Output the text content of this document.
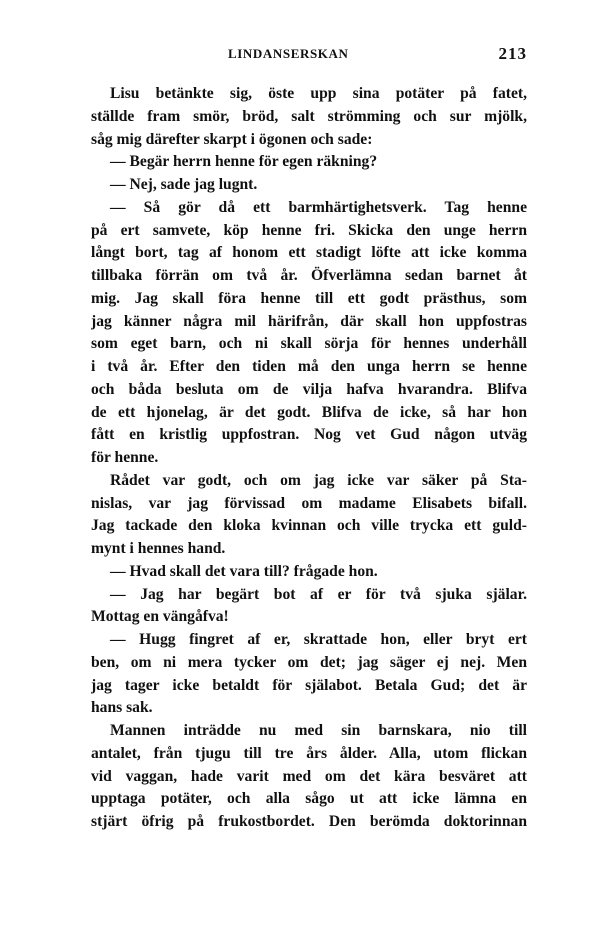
LINDANSERSKAN	213
Lisu betänkte sig, öste upp sina potäter på fatet,
ställde fram smör, bröd, salt strömming och sur mjölk,
såg mig därefter skarpt i ögonen och sade:
— Begär herrn henne för egen räkning?
— Nej, sade jag lugnt.
— Så gör då ett barmhärtighetsverk. Tag henne
på ert samvete, köp henne fri. Skicka den unge herrn
långt bort, tag af honom ett stadigt löfte att icke komma
tillbaka förrän om två år. Öfverlämna sedan barnet åt
mig. Jag skall föra henne till ett godt prästhus, som
jag känner några mil härifrån, där skall hon uppfostras
som eget barn, och ni skall sörja för hennes underhåll
i två år. Efter den tiden må den unga herrn se henne
och båda besluta om de vilja hafva hvarandra. Blifva
de ett hjonelag, är det godt. Blifva de icke, så har hon
fått en kristlig uppfostran. Nog vet Gud någon utväg
för henne.
Rådet var godt, och om jag icke var säker på Sta-
nislas, var jag förvissad om madame Elisabets bifall.
Jag tackade den kloka kvinnan och ville trycka ett guld-
mynt i hennes hand.
— Hvad skall det vara till? frågade hon.
— Jag har begärt bot af er för två sjuka själar.
Mottag en vängåfva!
— Hugg fingret af er, skrattade hon, eller bryt ert
ben, om ni mera tycker om det; jag säger ej nej. Men
jag tager icke betaldt för själabot. Betala Gud; det är
hans sak.
Mannen inträdde nu med sin barnskara, nio till
antalet, från tjugu till tre års ålder. Alla, utom flickan
vid vaggan, hade varit med om det kära besväret att
upptaga potäter, och alla sågo ut att icke lämna en
stjärt öfrig på frukostbordet. Den berömda doktorinnan
